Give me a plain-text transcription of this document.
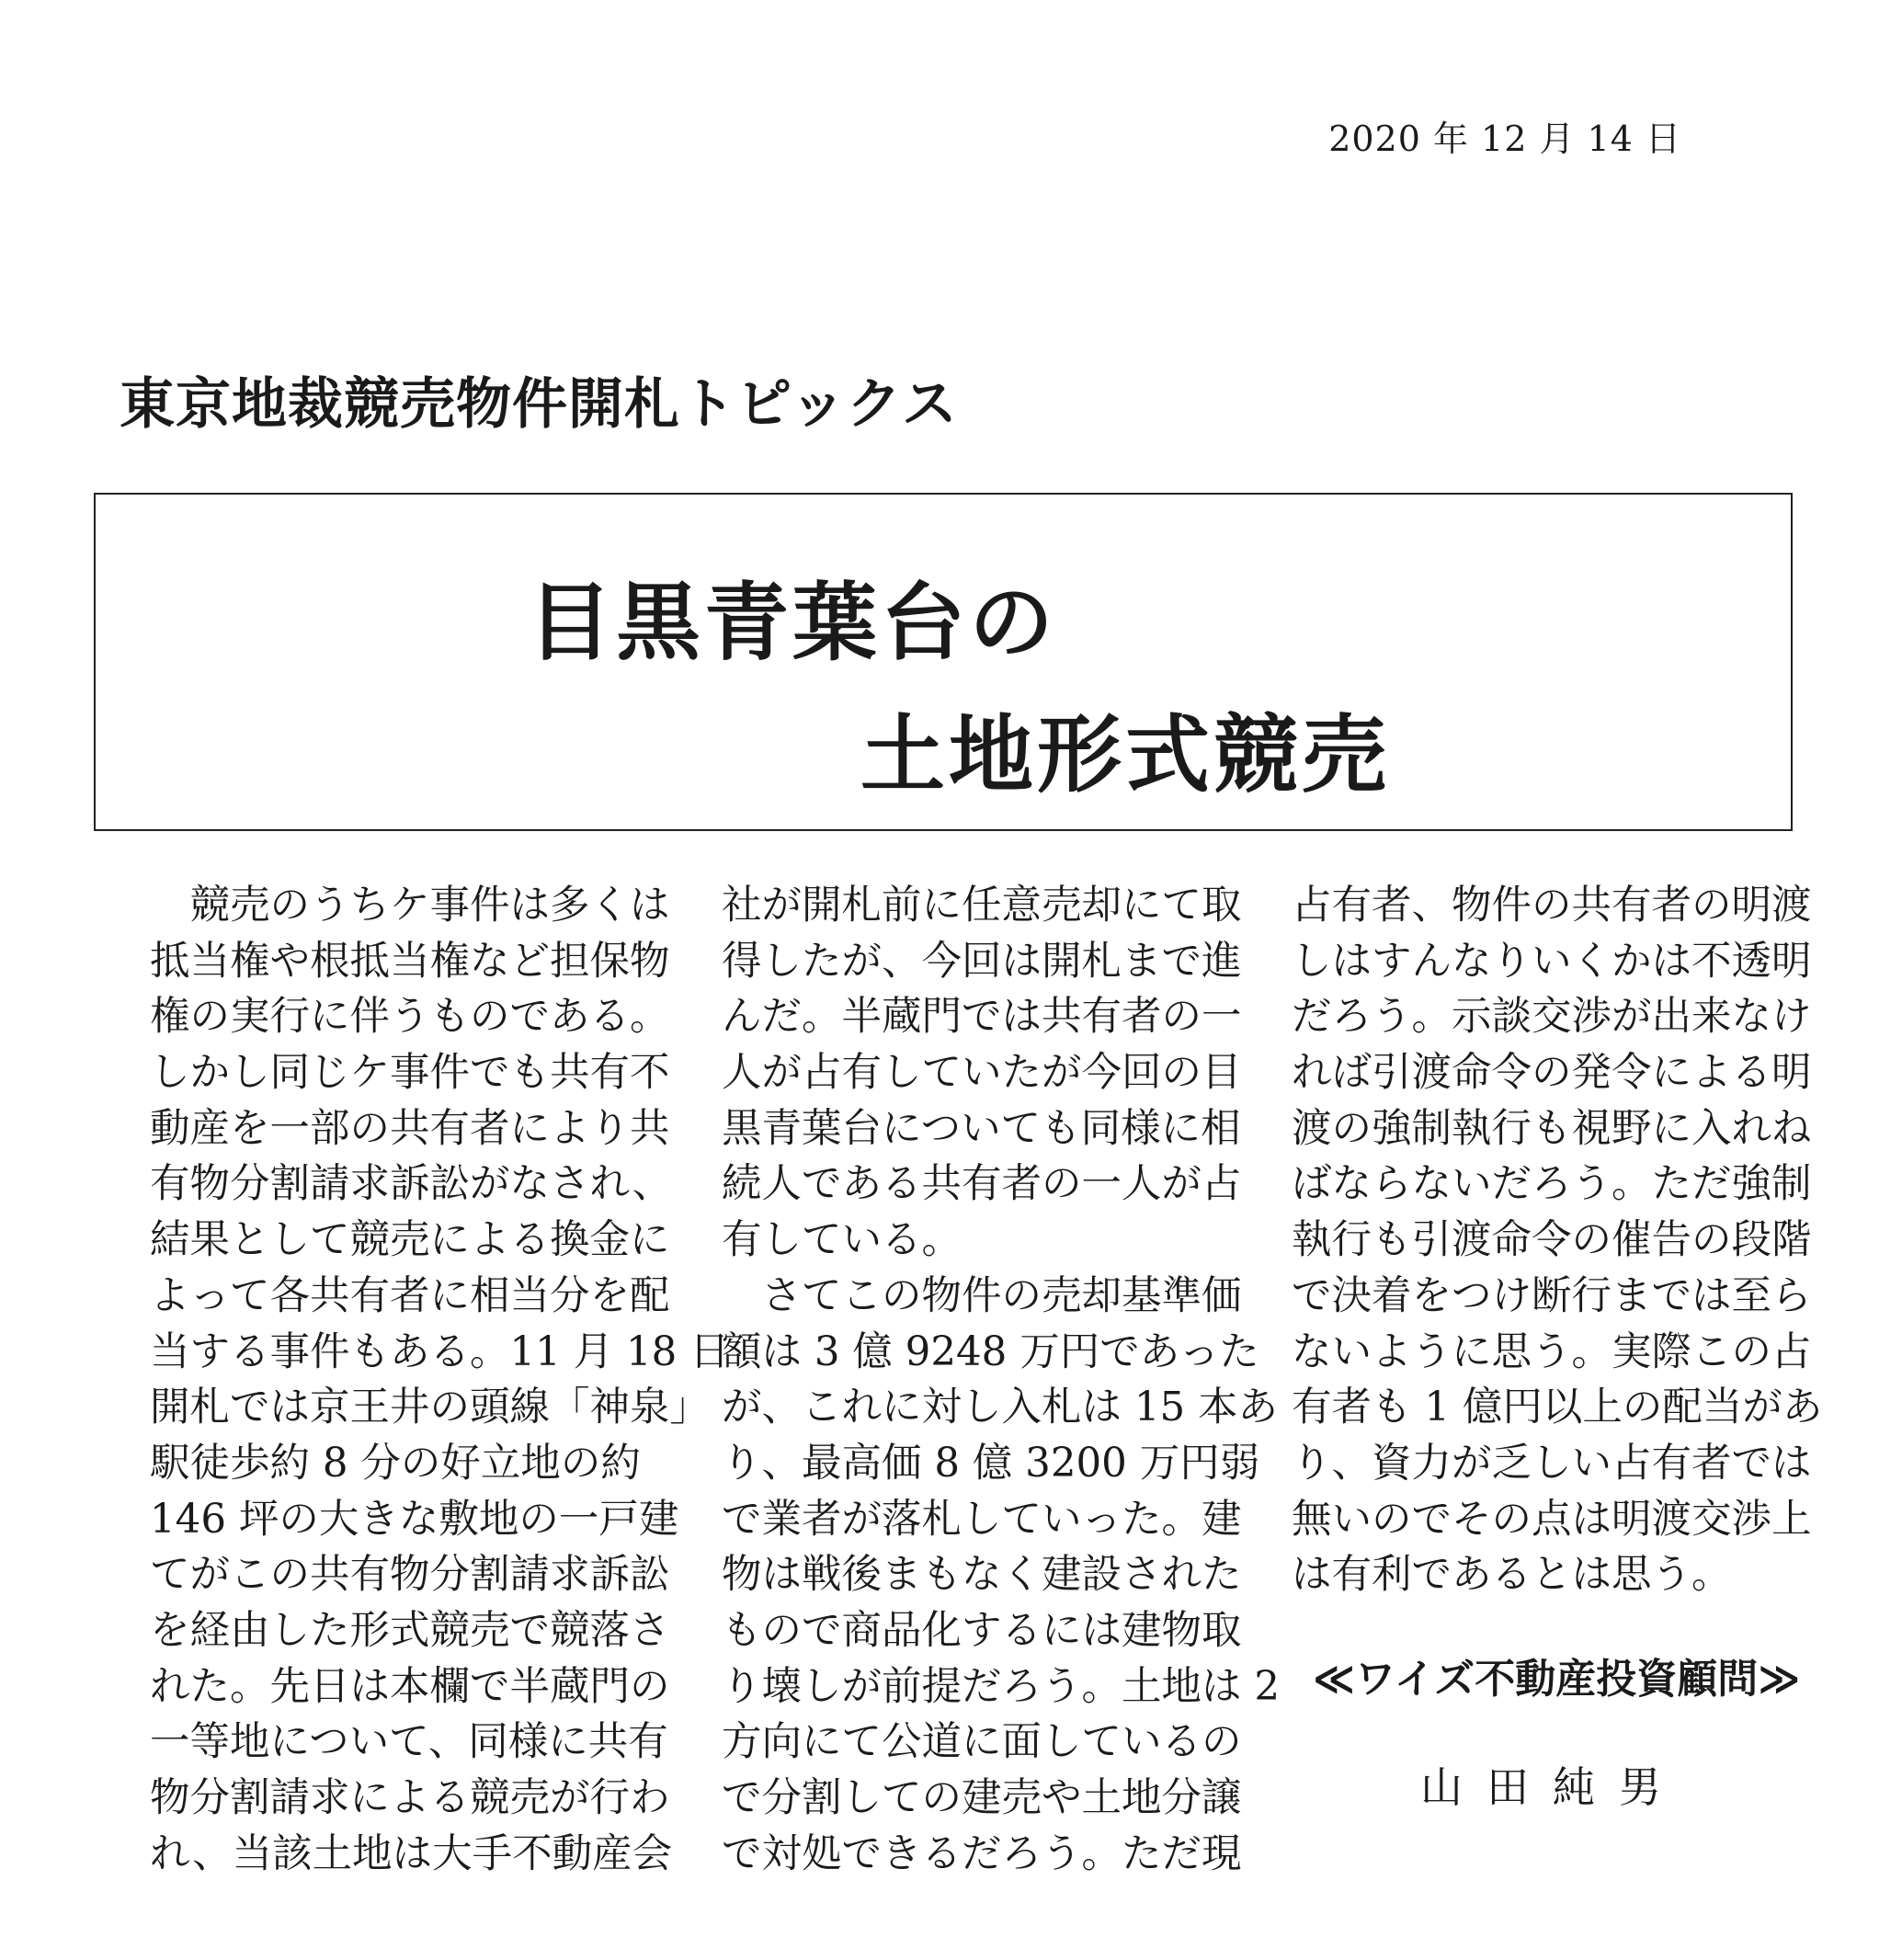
2020 年 12 月 14 日
東京地裁競売物件開札トピックス
目黒青葉台の
土地形式競売
　競売のうちケ事件は多くは
抵当権や根抵当権など担保物
権の実行に伴うものである。
しかし同じケ事件でも共有不
動産を一部の共有者により共
有物分割請求訴訟がなされ、
結果として競売による換金に
よって各共有者に相当分を配
当する事件もある。11 月 18 日
開札では京王井の頭線「神泉」
駅徒歩約 8 分の好立地の約
146 坪の大きな敷地の一戸建
てがこの共有物分割請求訴訟
を経由した形式競売で競落さ
れた。先日は本欄で半蔵門の
一等地について、同様に共有
物分割請求による競売が行わ
れ、当該土地は大手不動産会
社が開札前に任意売却にて取
得したが、今回は開札まで進
んだ。半蔵門では共有者の一
人が占有していたが今回の目
黒青葉台についても同様に相
続人である共有者の一人が占
有している。
　さてこの物件の売却基準価
額は 3 億 9248 万円であった
が、これに対し入札は 15 本あ
り、最高価 8 億 3200 万円弱
で業者が落札していった。建
物は戦後まもなく建設された
もので商品化するには建物取
り壊しが前提だろう。土地は 2
方向にて公道に面しているの
で分割しての建売や土地分譲
で対処できるだろう。ただ現
占有者、物件の共有者の明渡
しはすんなりいくかは不透明
だろう。示談交渉が出来なけ
れば引渡命令の発令による明
渡の強制執行も視野に入れね
ばならないだろう。ただ強制
執行も引渡命令の催告の段階
で決着をつけ断行までは至ら
ないように思う。実際この占
有者も 1 億円以上の配当があ
り、資力が乏しい占有者では
無いのでその点は明渡交渉上
は有利であるとは思う。
≪ワイズ不動産投資顧問≫
山田純男
